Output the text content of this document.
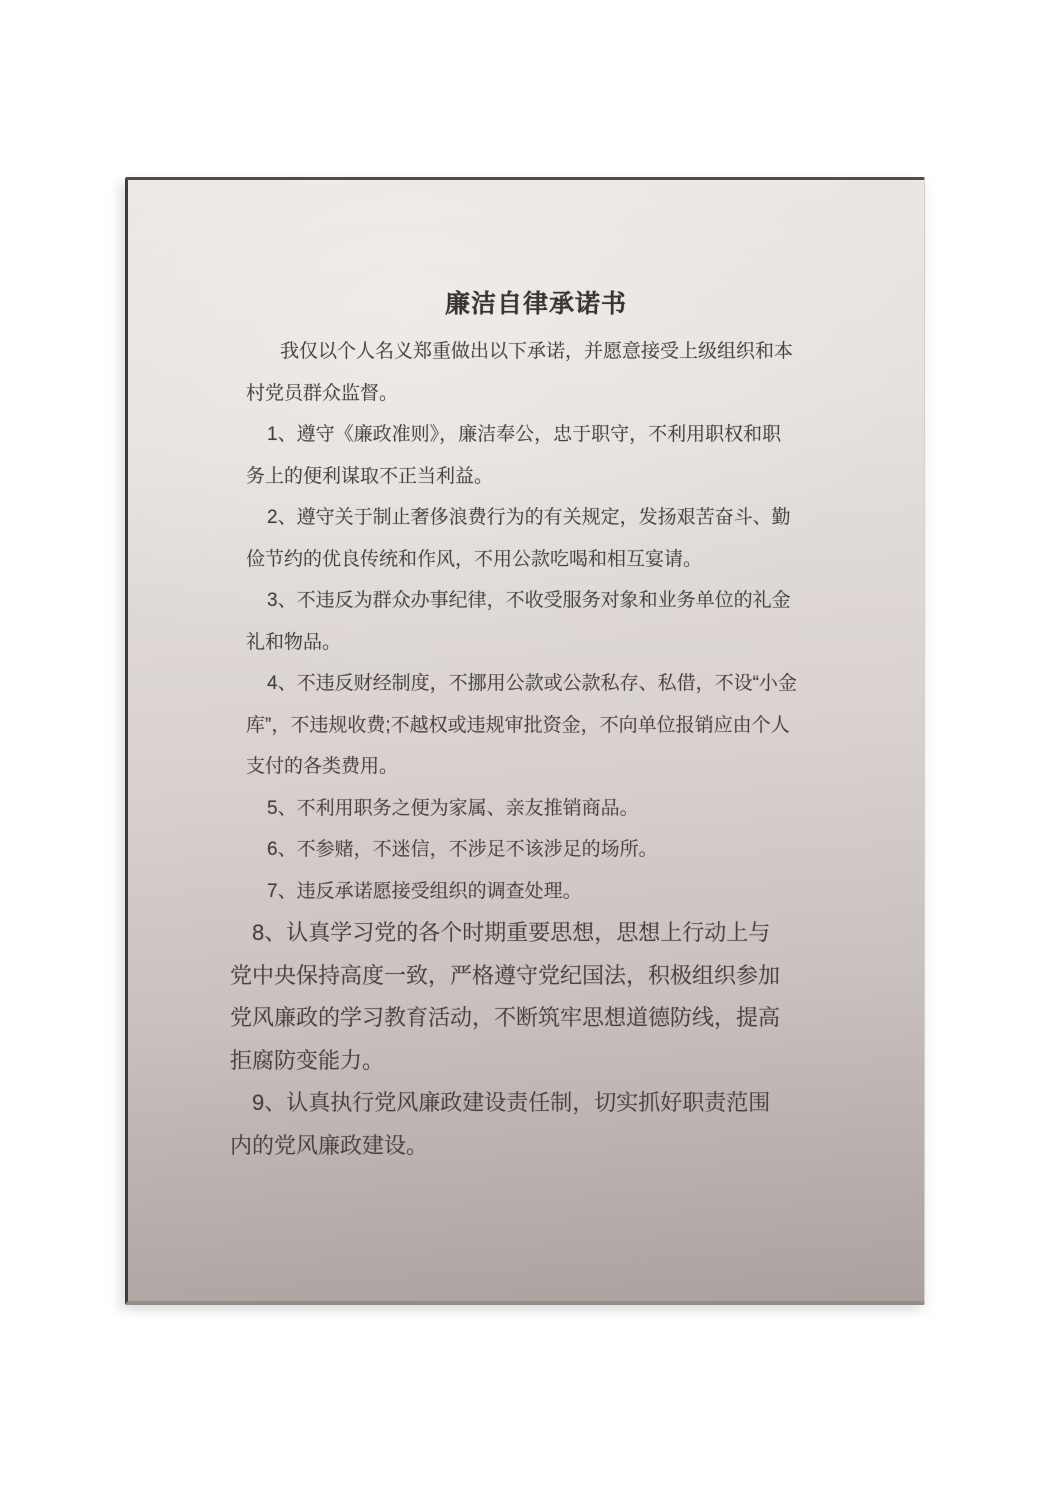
廉洁自律承诺书

我仅以个人名义郑重做出以下承诺，并愿意接受上级组织和本村党员群众监督。

1、遵守《廉政准则》，廉洁奉公，忠于职守，不利用职权和职务上的便利谋取不正当利益。

2、遵守关于制止奢侈浪费行为的有关规定，发扬艰苦奋斗、勤俭节约的优良传统和作风，不用公款吃喝和相互宴请。

3、不违反为群众办事纪律，不收受服务对象和业务单位的礼金礼和物品。

4、不违反财经制度，不挪用公款或公款私存、私借，不设“小金库”，不违规收费;不越权或违规审批资金，不向单位报销应由个人支付的各类费用。

5、不利用职务之便为家属、亲友推销商品。

6、不参赌，不迷信，不涉足不该涉足的场所。

7、违反承诺愿接受组织的调查处理。

8、认真学习党的各个时期重要思想，思想上行动上与党中央保持高度一致，严格遵守党纪国法，积极组织参加党风廉政的学习教育活动，不断筑牢思想道德防线，提高拒腐防变能力。

9、认真执行党风廉政建设责任制，切实抓好职责范围内的党风廉政建设。
